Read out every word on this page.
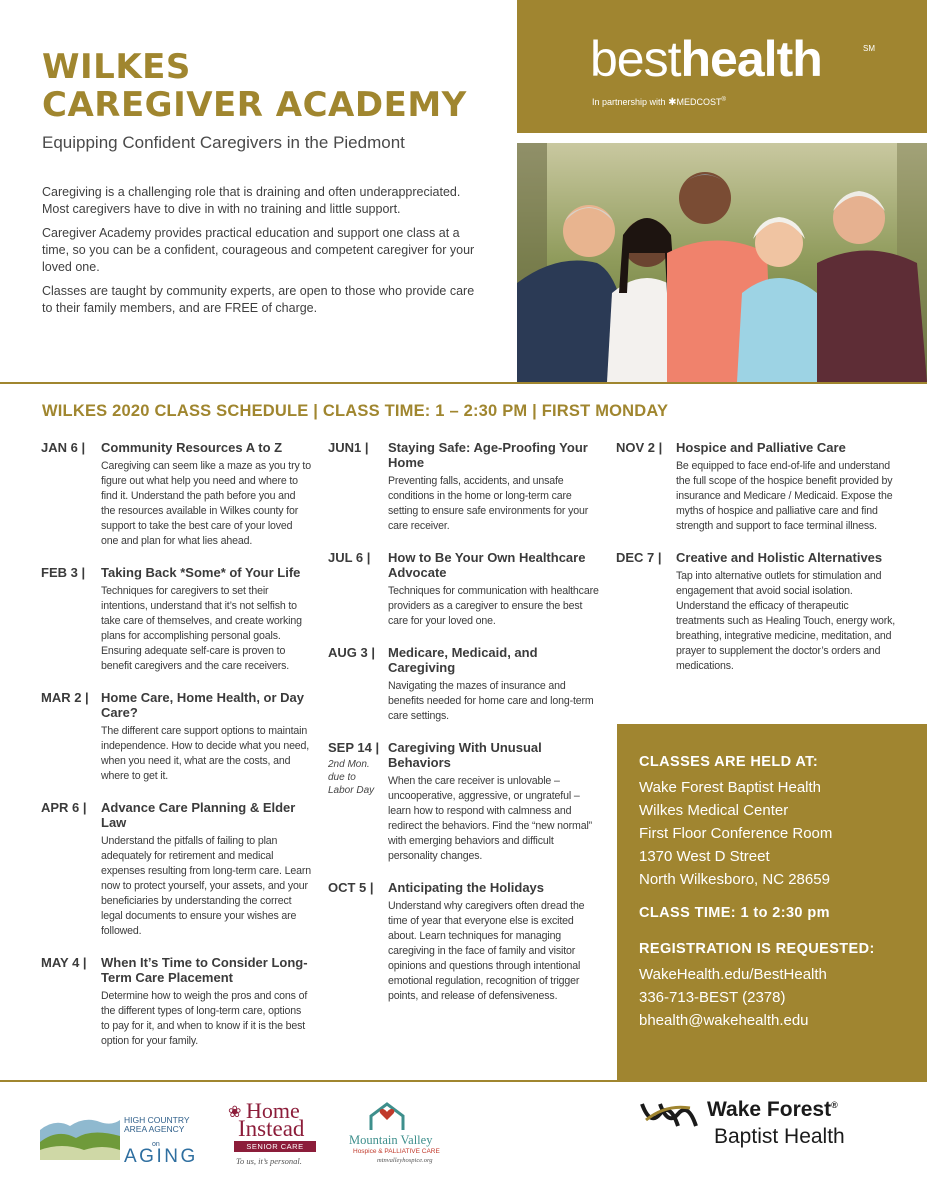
WILKES
CAREGIVER ACADEMY
Equipping Confident Caregivers in the Piedmont

Caregiving is a challenging role that is draining and often underappreciated. Most caregivers have to dive in with no training and little support.

Caregiver Academy provides practical education and support one class at a time, so you can be a confident, courageous and competent caregiver for your loved one.

Classes are taught by community experts, are open to those who provide care to their family members, and are FREE of charge.

besthealth	SM
In partnership with ✱MEDCOST®
WILKES 2020 CLASS SCHEDULE | CLASS TIME: 1 – 2:30 PM | FIRST MONDAY
JAN 6 | Community Resources A to Z
Caregiving can seem like a maze as you try to figure out what help you need and where to find it. Understand the path before you and the resources available in Wilkes county for support to take the best care of your loved one and plan for what lies ahead.
FEB 3 | Taking Back *Some* of Your Life
Techniques for caregivers to set their intentions, understand that it’s not selfish to take care of themselves, and create working plans for accomplishing personal goals. Ensuring adequate self-care is proven to benefit caregivers and the care receivers.
MAR 2 | Home Care, Home Health, or Day Care?
The different care support options to maintain independence. How to decide what you need, when you need it, what are the costs, and where to get it.
APR 6 | Advance Care Planning & Elder Law
Understand the pitfalls of failing to plan adequately for retirement and medical expenses resulting from long-term care. Learn now to protect yourself, your assets, and your beneficiaries by understanding the correct legal documents to ensure your wishes are followed.
MAY 4 | When It’s Time to Consider Long-Term Care Placement
Determine how to weigh the pros and cons of the different types of long-term care, options to pay for it, and when to know if it is the best option for your family.
JUN1 | Staying Safe: Age-Proofing Your Home
Preventing falls, accidents, and unsafe conditions in the home or long-term care setting to ensure safe environments for your care receiver.
JUL 6 | How to Be Your Own Healthcare Advocate
Techniques for communication with healthcare providers as a caregiver to ensure the best care for your loved one.
AUG 3 | Medicare, Medicaid, and Caregiving
Navigating the mazes of insurance and benefits needed for home care and long-term care settings.
SEP 14 |
2nd Mon. due to Labor Day
Caregiving With Unusual Behaviors
When the care receiver is unlovable – uncooperative, aggressive, or ungrateful – learn how to respond with calmness and redirect the behaviors. Find the “new normal” with emerging behaviors and difficult personality changes.
OCT 5 | Anticipating the Holidays
Understand why caregivers often dread the time of year that everyone else is excited about. Learn techniques for managing caregiving in the face of family and visitor opinions and questions through intentional emotional regulation, recognition of trigger points, and release of defensiveness.
NOV 2 | Hospice and Palliative Care
Be equipped to face end-of-life and understand the full scope of the hospice benefit provided by insurance and Medicare / Medicaid. Expose the myths of hospice and palliative care and find strength and support to face terminal illness.
DEC 7 | Creative and Holistic Alternatives
Tap into alternative outlets for stimulation and engagement that avoid social isolation. Understand the efficacy of therapeutic treatments such as Healing Touch, energy work, breathing, integrative medicine, meditation, and prayer to supplement the doctor’s orders and medications.
CLASSES ARE HELD AT:
Wake Forest Baptist Health
Wilkes Medical Center
First Floor Conference Room
1370 West D Street
North Wilkesboro, NC 28659
CLASS TIME: 1 to 2:30 pm
REGISTRATION IS REQUESTED:
WakeHealth.edu/BestHealth
336-713-BEST (2378)
bhealth@wakehealth.edu
HIGH COUNTRY
AREA AGENCY
on
AGING
❀ Home
Instead
SENIOR CARE
To us, it’s personal.
Mountain Valley
Hospice & PALLIATIVE CARE
mtnvalleyhospice.org
Wake Forest®
Baptist Health
